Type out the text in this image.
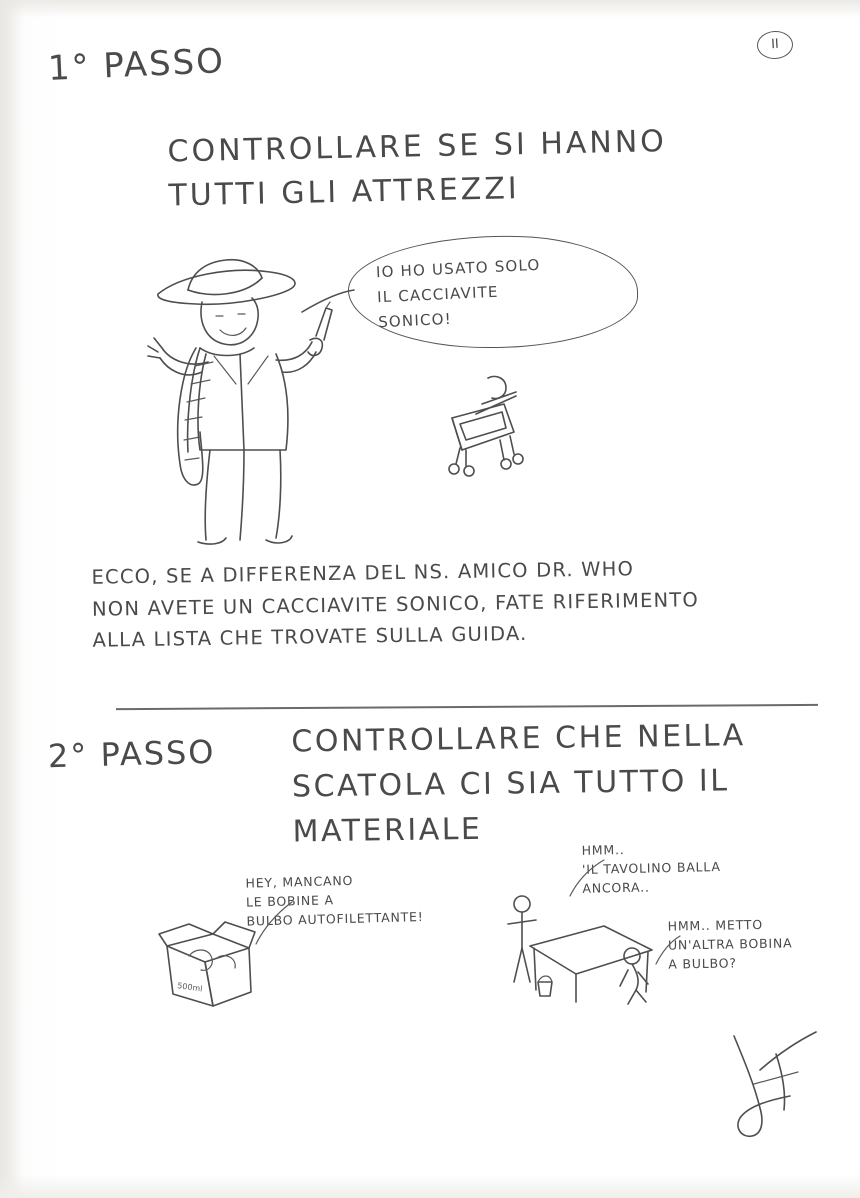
II
1° PASSO
CONTROLLARE SE SI HANNO
TUTTI GLI ATTREZZI
IO HO USATO SOLO
IL CACCIAVITE
SONICO!
ECCO, SE A DIFFERENZA DEL NS. AMICO DR. WHO
NON AVETE UN CACCIAVITE SONICO, FATE RIFERIMENTO
ALLA LISTA CHE TROVATE SULLA GUIDA.
2° PASSO	CONTROLLARE CHE NELLA
SCATOLA CI SIA TUTTO IL
MATERIALE
HEY, MANCANO
LE BOBINE A
BULBO AUTOFILETTANTE!
HMM..
'IL TAVOLINO BALLA
ANCORA..
HMM.. METTO
UN'ALTRA BOBINA
A BULBO?
500ml
